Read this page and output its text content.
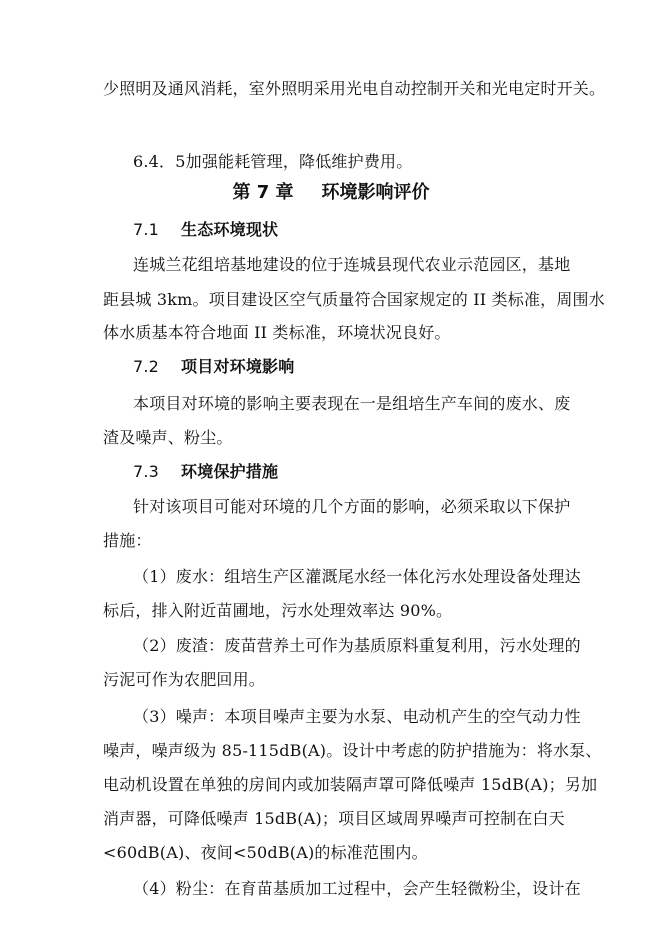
少照明及通风消耗，室外照明采用光电自动控制开关和光电定时开关。
6.4．5加强能耗管理，降低维护费用。
第 7 章 环境影响评价
7.1 生态环境现状
连城兰花组培基地建设的位于连城县现代农业示范园区，基地
距县城 3km。项目建设区空气质量符合国家规定的 II 类标准，周围水
体水质基本符合地面 II 类标准，环境状况良好。
7.2 项目对环境影响
本项目对环境的影响主要表现在一是组培生产车间的废水、废
渣及噪声、粉尘。
7.3 环境保护措施
针对该项目可能对环境的几个方面的影响，必须采取以下保护
措施：
（1）废水：组培生产区灌溉尾水经一体化污水处理设备处理达
标后，排入附近苗圃地，污水处理效率达 90%。
（2）废渣：废苗营养土可作为基质原料重复利用，污水处理的
污泥可作为农肥回用。
（3）噪声：本项目噪声主要为水泵、电动机产生的空气动力性
噪声，噪声级为 85-115dB(A)。设计中考虑的防护措施为：将水泵、
电动机设置在单独的房间内或加装隔声罩可降低噪声 15dB(A)；另加
消声器，可降低噪声 15dB(A)；项目区域周界噪声可控制在白天
<60dB(A)、夜间<50dB(A)的标准范围内。
（4）粉尘：在育苗基质加工过程中，会产生轻微粉尘，设计在
